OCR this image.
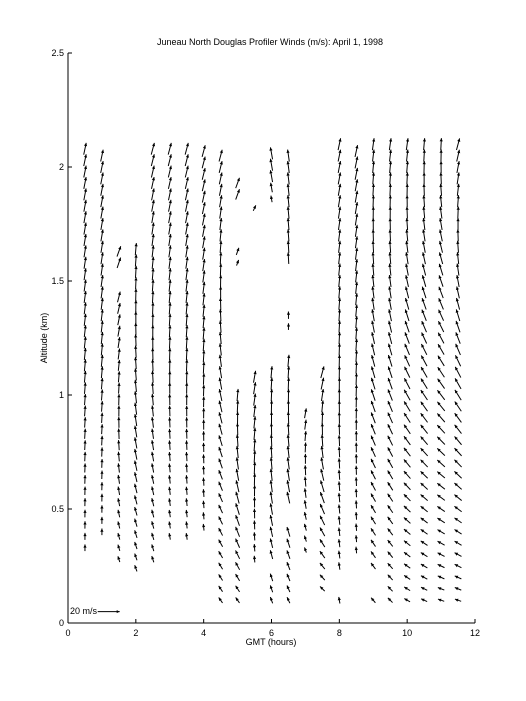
Juneau North Douglas Profiler Winds (m/s): April 1, 1998
0	2	4	6	8	10	12
0
0.5
1
1.5
2
2.5
GMT (hours)
Altitude (km)
20 m/s
